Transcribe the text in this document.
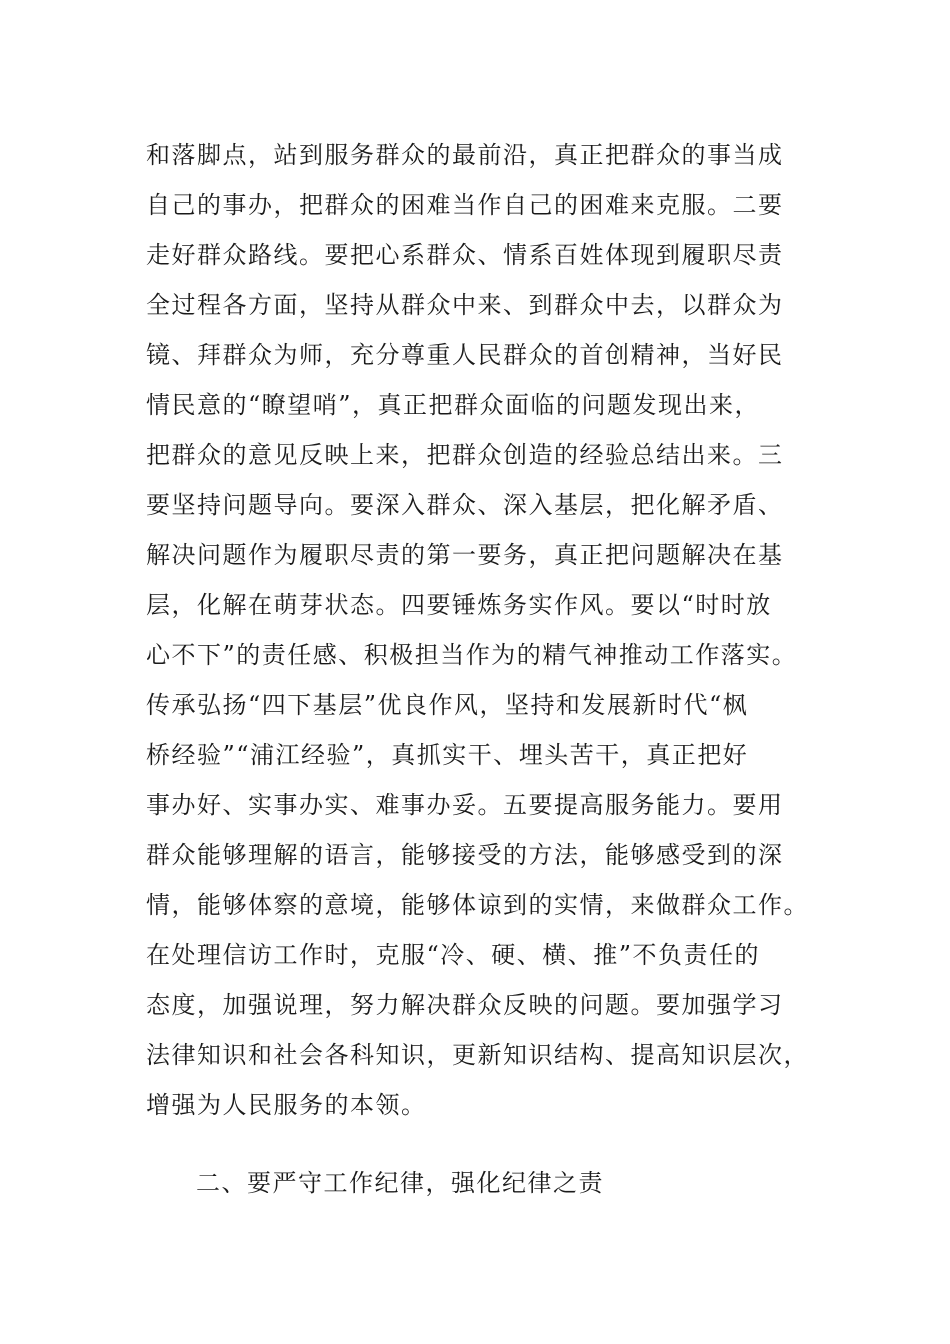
和落脚点，站到服务群众的最前沿，真正把群众的事当成
自己的事办，把群众的困难当作自己的困难来克服。二要
走好群众路线。要把心系群众、情系百姓体现到履职尽责
全过程各方面，坚持从群众中来、到群众中去，以群众为
镜、拜群众为师，充分尊重人民群众的首创精神，当好民
情民意的“瞭望哨”，真正把群众面临的问题发现出来，
把群众的意见反映上来，把群众创造的经验总结出来。三
要坚持问题导向。要深入群众、深入基层，把化解矛盾、
解决问题作为履职尽责的第一要务，真正把问题解决在基
层，化解在萌芽状态。四要锤炼务实作风。要以“时时放
心不下”的责任感、积极担当作为的精气神推动工作落实。
传承弘扬“四下基层”优良作风，坚持和发展新时代“枫
桥经验”“浦江经验”，真抓实干、埋头苦干，真正把好
事办好、实事办实、难事办妥。五要提高服务能力。要用
群众能够理解的语言，能够接受的方法，能够感受到的深
情，能够体察的意境，能够体谅到的实情，来做群众工作。
在处理信访工作时，克服“冷、硬、横、推”不负责任的
态度，加强说理，努力解决群众反映的问题。要加强学习
法律知识和社会各科知识，更新知识结构、提高知识层次，
增强为人民服务的本领。
二、要严守工作纪律，强化纪律之责
